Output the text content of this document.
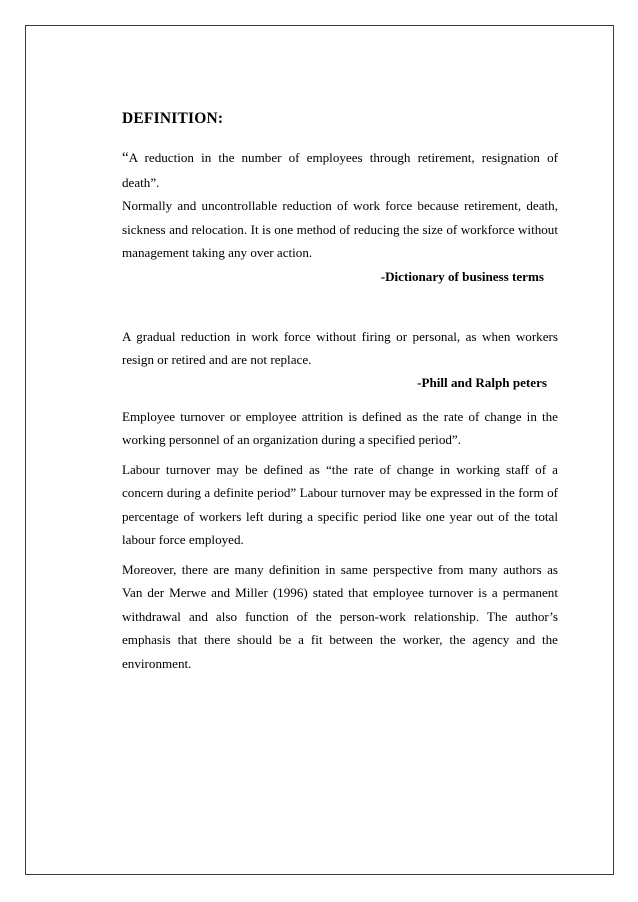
DEFINITION:

“A reduction in the number of employees through retirement, resignation of death”.

Normally and uncontrollable reduction of work force because retirement, death, sickness and relocation. It is one method of reducing the size of workforce without management taking any over action.

-Dictionary of business terms

A gradual reduction in work force without firing or personal, as when workers resign or retired and are not replace.

-Phill and Ralph peters

Employee turnover or employee attrition is defined as the rate of change in the working personnel of an organization during a specified period”.

Labour turnover may be defined as “the rate of change in working staff of a concern during a definite period” Labour turnover may be expressed in the form of percentage of workers left during a specific period like one year out of the total labour force employed.

Moreover, there are many definition in same perspective from many authors as Van der Merwe and Miller (1996) stated that employee turnover is a permanent withdrawal and also function of the person-work relationship. The author’s emphasis that there should be a fit between the worker, the agency and the environment.
